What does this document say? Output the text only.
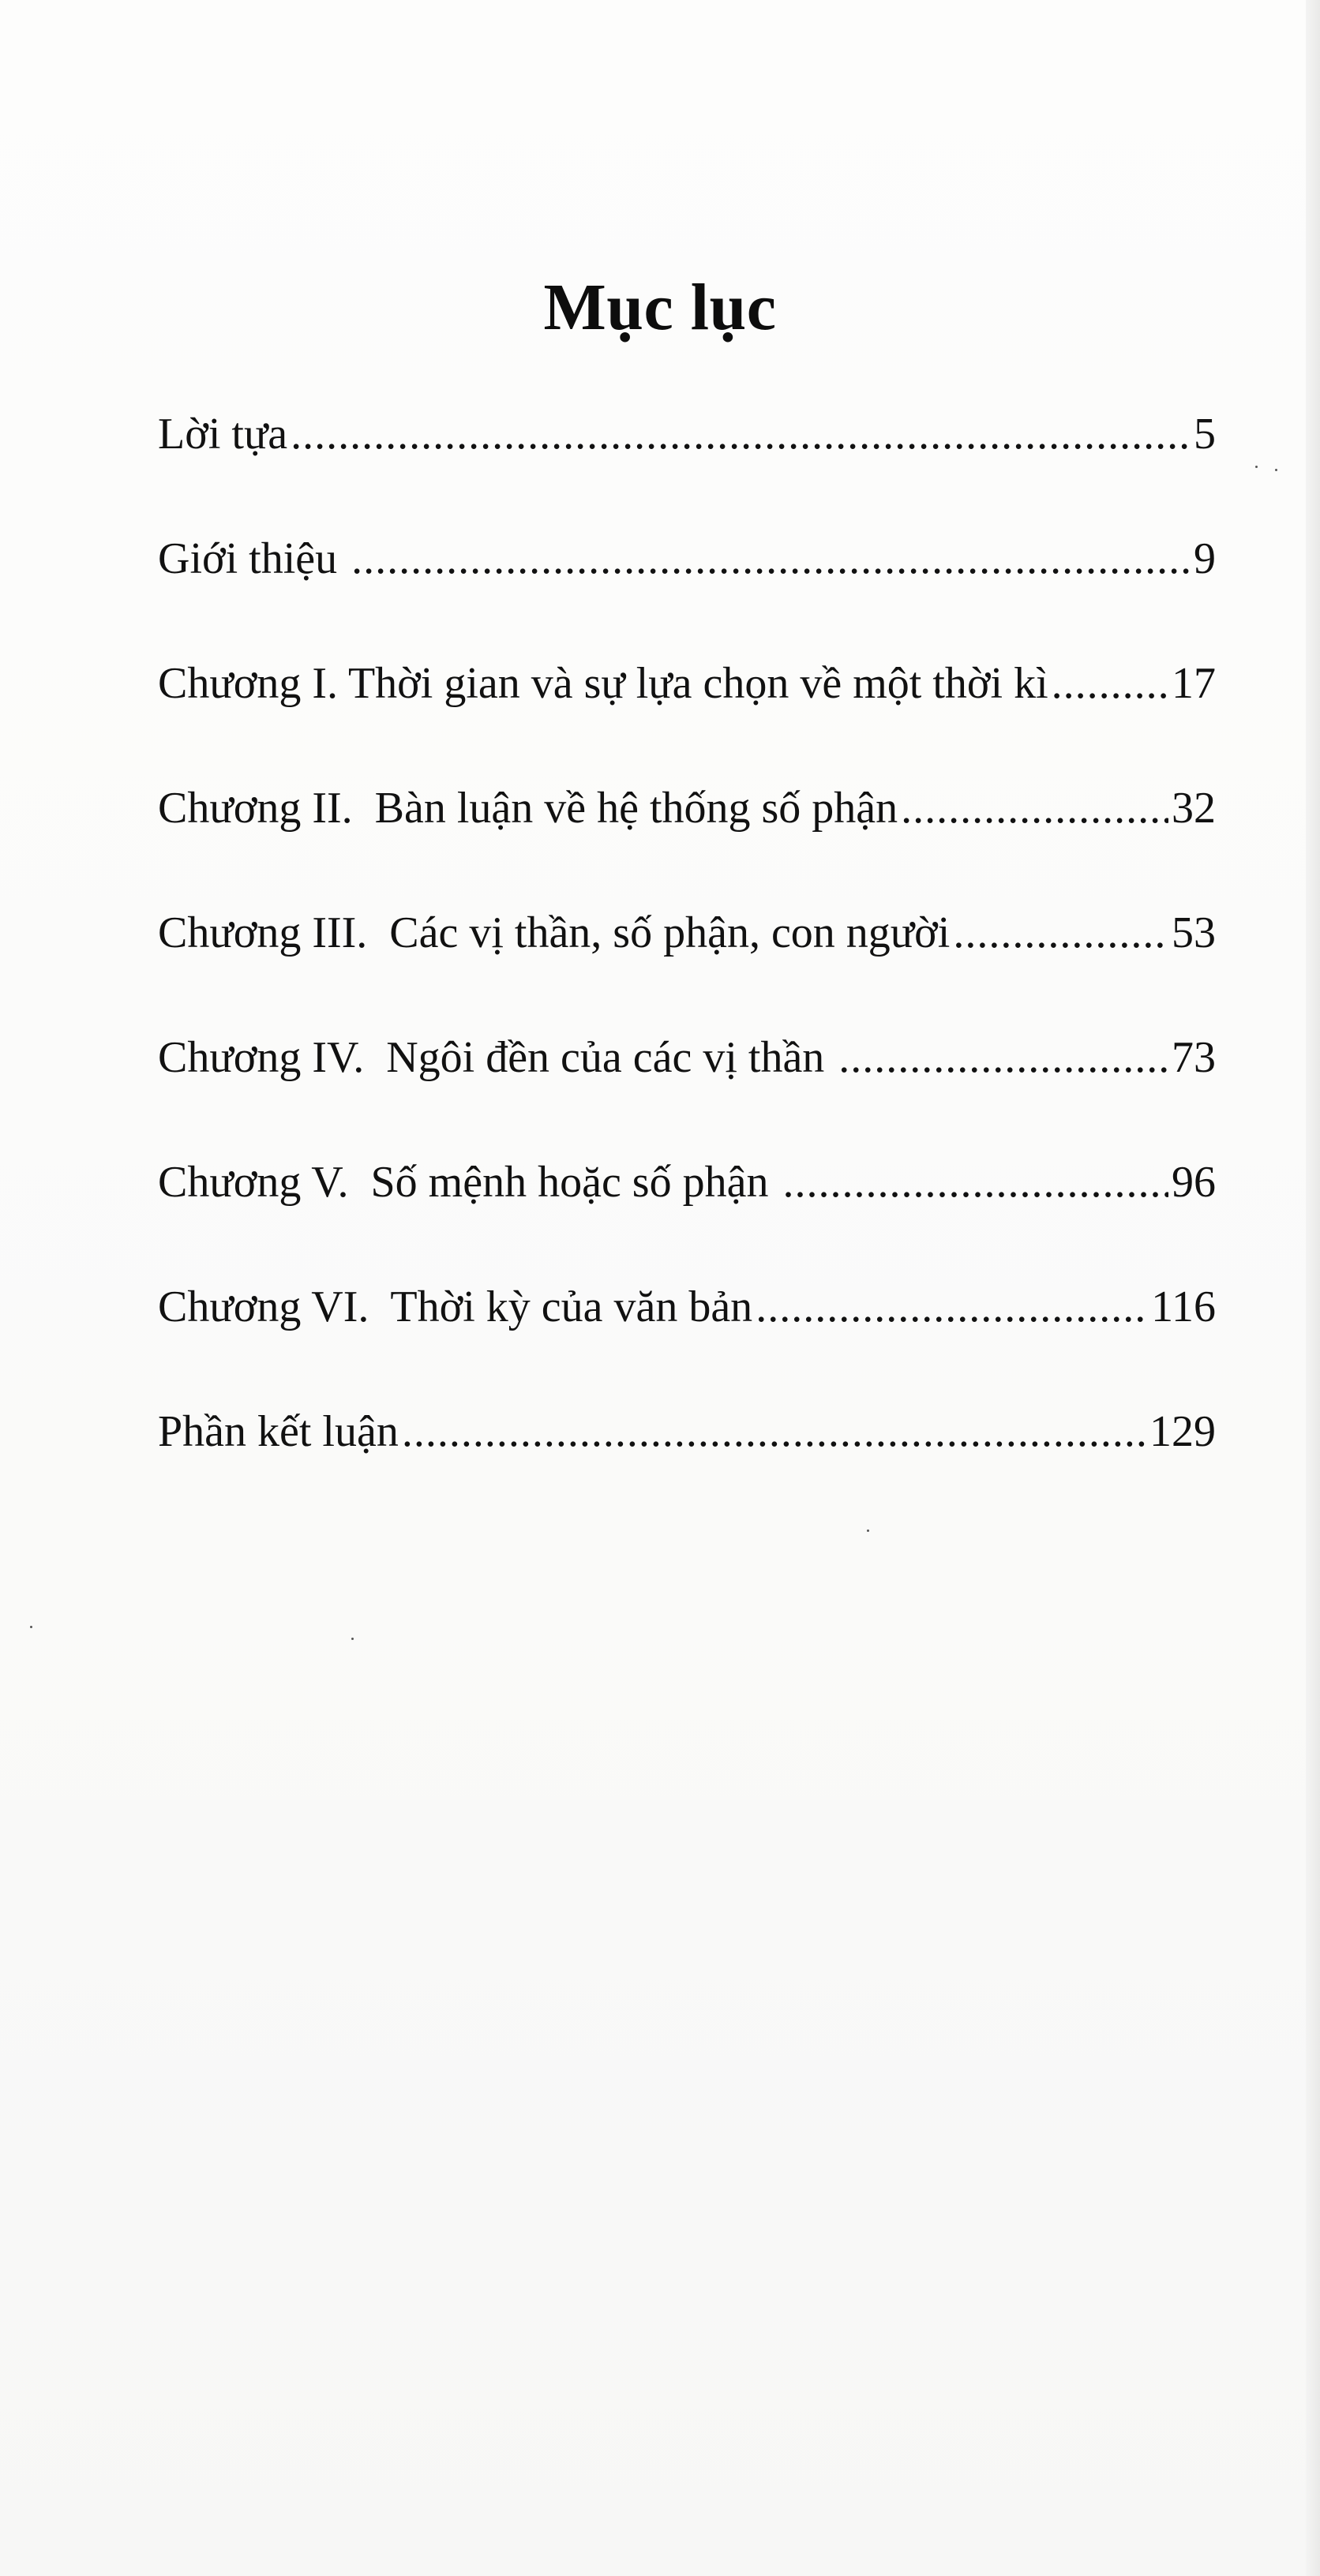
Mục lục
Lời tựa .....	5
Giới thiệu .....	9
Chương I. Thời gian và sự lựa chọn về một thời kì .....	17
Chương II.  Bàn luận về hệ thống số phận .....	32
Chương III.  Các vị thần, số phận, con người .....	53
Chương IV.  Ngôi đền của các vị thần .....	73
Chương V.  Số mệnh hoặc số phận .....	96
Chương VI.  Thời kỳ của văn bản .....	116
Phần kết luận .....	129
